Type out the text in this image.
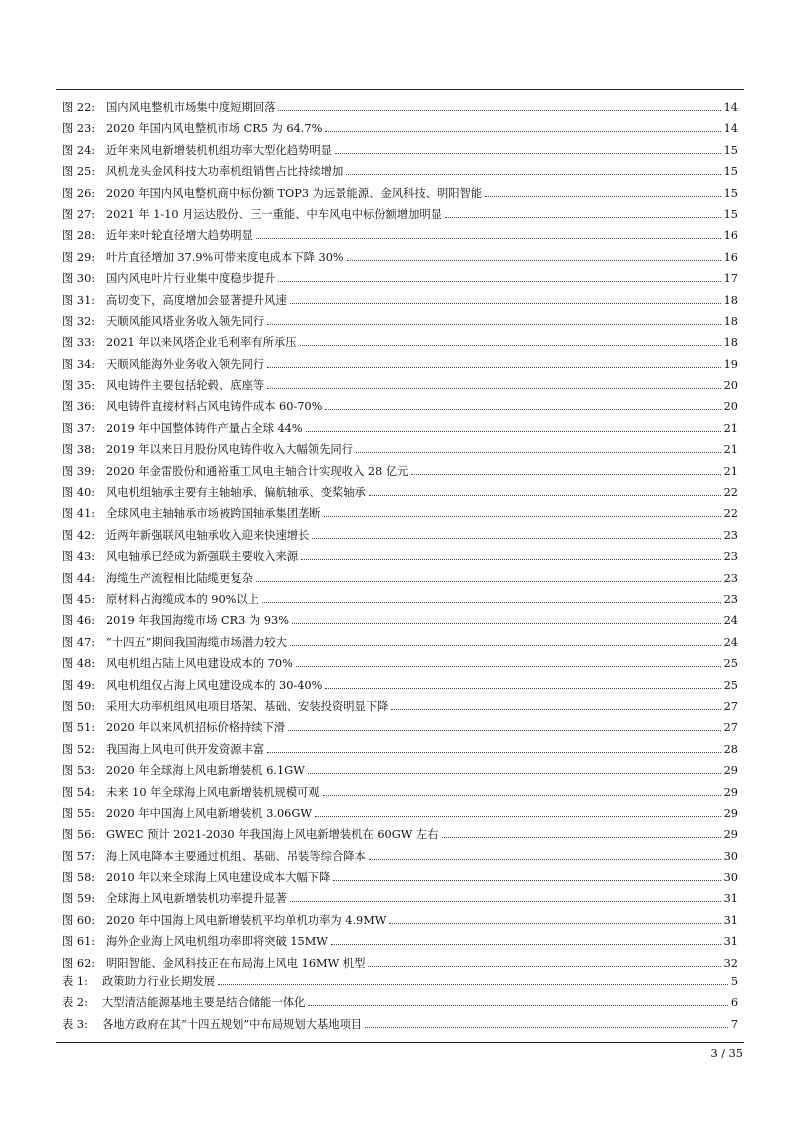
图 22: 国内风电整机市场集中度短期回落	14
图 23: 2020 年国内风电整机市场 CR5 为 64.7%	14
图 24: 近年来风电新增装机机组功率大型化趋势明显	15
图 25: 风机龙头金风科技大功率机组销售占比持续增加	15
图 26: 2020 年国内风电整机商中标份额 TOP3 为远景能源、金风科技、明阳智能	15
图 27: 2021 年 1-10 月运达股份、三一重能、中车风电中标份额增加明显	15
图 28: 近年来叶轮直径增大趋势明显	16
图 29: 叶片直径增加 37.9%可带来度电成本下降 30%	16
图 30: 国内风电叶片行业集中度稳步提升	17
图 31: 高切变下，高度增加会显著提升风速	18
图 32: 天顺风能风塔业务收入领先同行	18
图 33: 2021 年以来风塔企业毛利率有所承压	18
图 34: 天顺风能海外业务收入领先同行	19
图 35: 风电铸件主要包括轮毂、底座等	20
图 36: 风电铸件直接材料占风电铸件成本 60-70%	20
图 37: 2019 年中国整体铸件产量占全球 44%	21
图 38: 2019 年以来日月股份风电铸件收入大幅领先同行	21
图 39: 2020 年金雷股份和通裕重工风电主轴合计实现收入 28 亿元	21
图 40: 风电机组轴承主要有主轴轴承、偏航轴承、变桨轴承	22
图 41: 全球风电主轴轴承市场被跨国轴承集团垄断	22
图 42: 近两年新强联风电轴承收入迎来快速增长	23
图 43: 风电轴承已经成为新强联主要收入来源	23
图 44: 海缆生产流程相比陆缆更复杂	23
图 45: 原材料占海缆成本的 90%以上	23
图 46: 2019 年我国海缆市场 CR3 为 93%	24
图 47: “十四五”期间我国海缆市场潜力较大	24
图 48: 风电机组占陆上风电建设成本的 70%	25
图 49: 风电机组仅占海上风电建设成本的 30-40%	25
图 50: 采用大功率机组风电项目塔架、基础、安装投资明显下降	27
图 51: 2020 年以来风机招标价格持续下滑	27
图 52: 我国海上风电可供开发资源丰富	28
图 53: 2020 年全球海上风电新增装机 6.1GW	29
图 54: 未来 10 年全球海上风电新增装机规模可观	29
图 55: 2020 年中国海上风电新增装机 3.06GW	29
图 56: GWEC 预计 2021-2030 年我国海上风电新增装机在 60GW 左右	29
图 57: 海上风电降本主要通过机组、基础、吊装等综合降本	30
图 58: 2010 年以来全球海上风电建设成本大幅下降	30
图 59: 全球海上风电新增装机功率提升显著	31
图 60: 2020 年中国海上风电新增装机平均单机功率为 4.9MW	31
图 61: 海外企业海上风电机组功率即将突破 15MW	31
图 62: 明阳智能、金风科技正在布局海上风电 16MW 机型	32
表 1:	政策助力行业长期发展	5
表 2:	大型清洁能源基地主要是结合储能一体化	6
表 3:	各地方政府在其“十四五规划”中布局规划大基地项目	7
3 / 35
